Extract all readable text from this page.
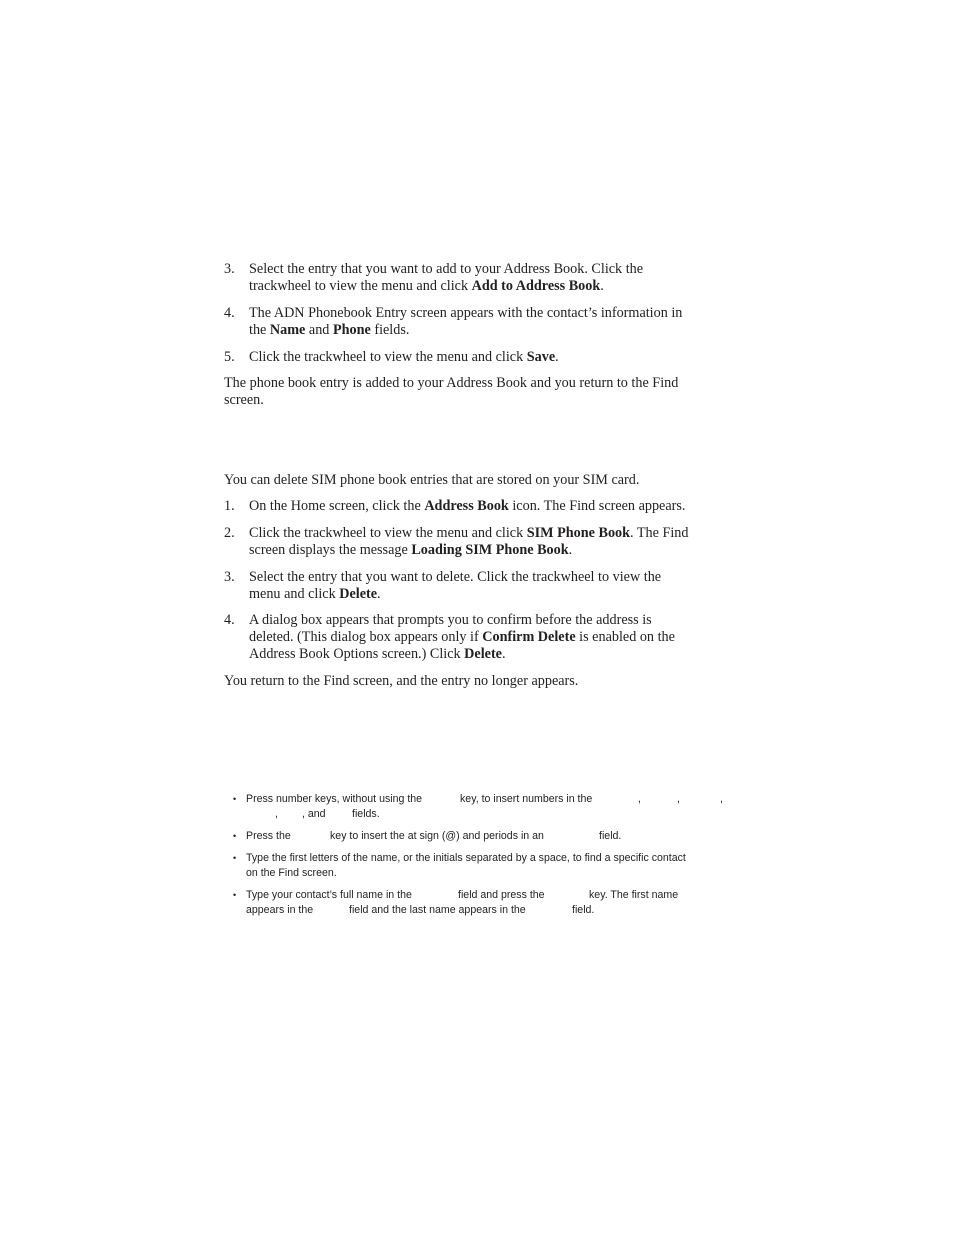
3.	Select the entry that you want to add to your Address Book. Click the
trackwheel to view the menu and click Add to Address Book.
4.	The ADN Phonebook Entry screen appears with the contact’s information in
the Name and Phone fields.
5.	Click the trackwheel to view the menu and click Save.
The phone book entry is added to your Address Book and you return to the Find
screen.
You can delete SIM phone book entries that are stored on your SIM card.
1.	On the Home screen, click the Address Book icon. The Find screen appears.
2.	Click the trackwheel to view the menu and click SIM Phone Book. The Find
screen displays the message Loading SIM Phone Book.
3.	Select the entry that you want to delete. Click the trackwheel to view the
menu and click Delete.
4.	A dialog box appears that prompts you to confirm before the address is
deleted. (This dialog box appears only if Confirm Delete is enabled on the
Address Book Options screen.) Click Delete.
You return to the Find screen, and the entry no longer appears.
• Press number keys, without using the	key, to insert numbers in the	,	,	,
, , and fields.
• Press the	key to insert the at sign (@) and periods in an	field.
• Type the first letters of the name, or the initials separated by a space, to find a specific contact
on the Find screen.
• Type your contact’s full name in the	field and press the	key. The first name
appears in the	field and the last name appears in the	field.
